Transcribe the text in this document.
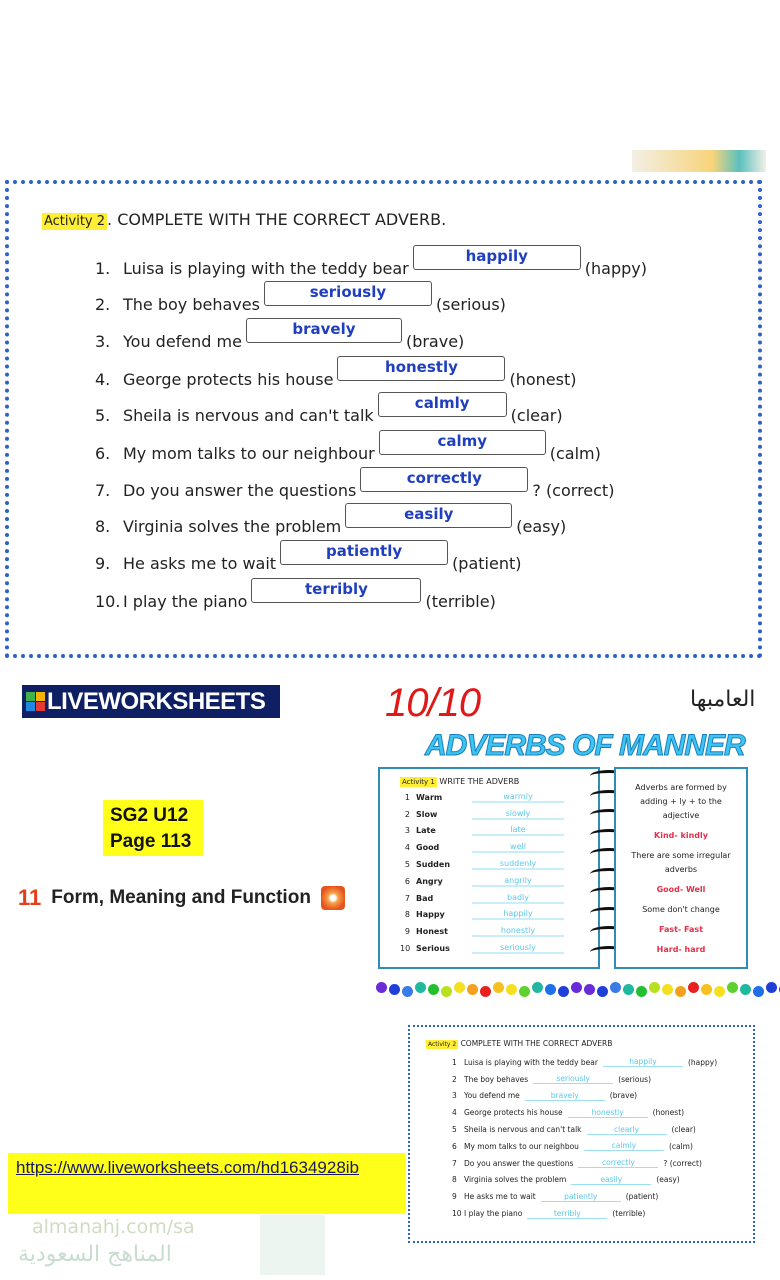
Activity 2 . COMPLETE WITH THE CORRECT ADVERB.
1. Luisa is playing with the teddy bear
happily
(happy)
2. The boy behaves
seriously
(serious)
3. You defend me
bravely
(brave)
4. George protects his house
honestly
(honest)
5. Sheila is nervous and can't talk
calmly
(clear)
6. My mom talks to our neighbour
calmy
(calm)
7. Do you answer the questions
correctly
? (correct)
8. Virginia solves the problem
easily
(easy)
9. He asks me to wait
patiently
(patient)
10. I play the piano
terribly
(terrible)
LIVEWORKSHEETS
SG2 U12
Page 113
11 Form, Meaning and Function
العامبها
10/10
ADVERBS OF MANNER
Activity 1 WRITE THE ADVERB
1 Warm	warmly
2 Slow	slowly
3 Late	late
4 Good	well
5 Sudden	suddenly
6 Angry	angrily
7 Bad	badly
8 Happy	happily
9 Honest	honestly
10 Serious	seriously
Adverbs are formed by adding + ly + to the adjective
Kind- kindly
There are some irregular adverbs
Good- Well
Some don't change
Fast- Fast
Hard- hard
Activity 2 COMPLETE WITH THE CORRECT ADVERB
1 Luisa is playing with the teddy bear	happily	(happy)
2 The boy behaves	seriously	(serious)
3 You defend me	bravely	(brave)
4 George protects his house	honestly	(honest)
5 Sheila is nervous and can't talk	clearly	(clear)
6 My mom talks to our neighbou	calmly	(calm)
7 Do you answer the questions	correctly	? (correct)
8 Virginia solves the problem	easily	(easy)
9 He asks me to wait	patiently	(patient)
10 I play the piano	terribly	(terrible)
https://www.liveworksheets.com/hd1634928ib
almanahj.com/sa
المناهج السعودية
